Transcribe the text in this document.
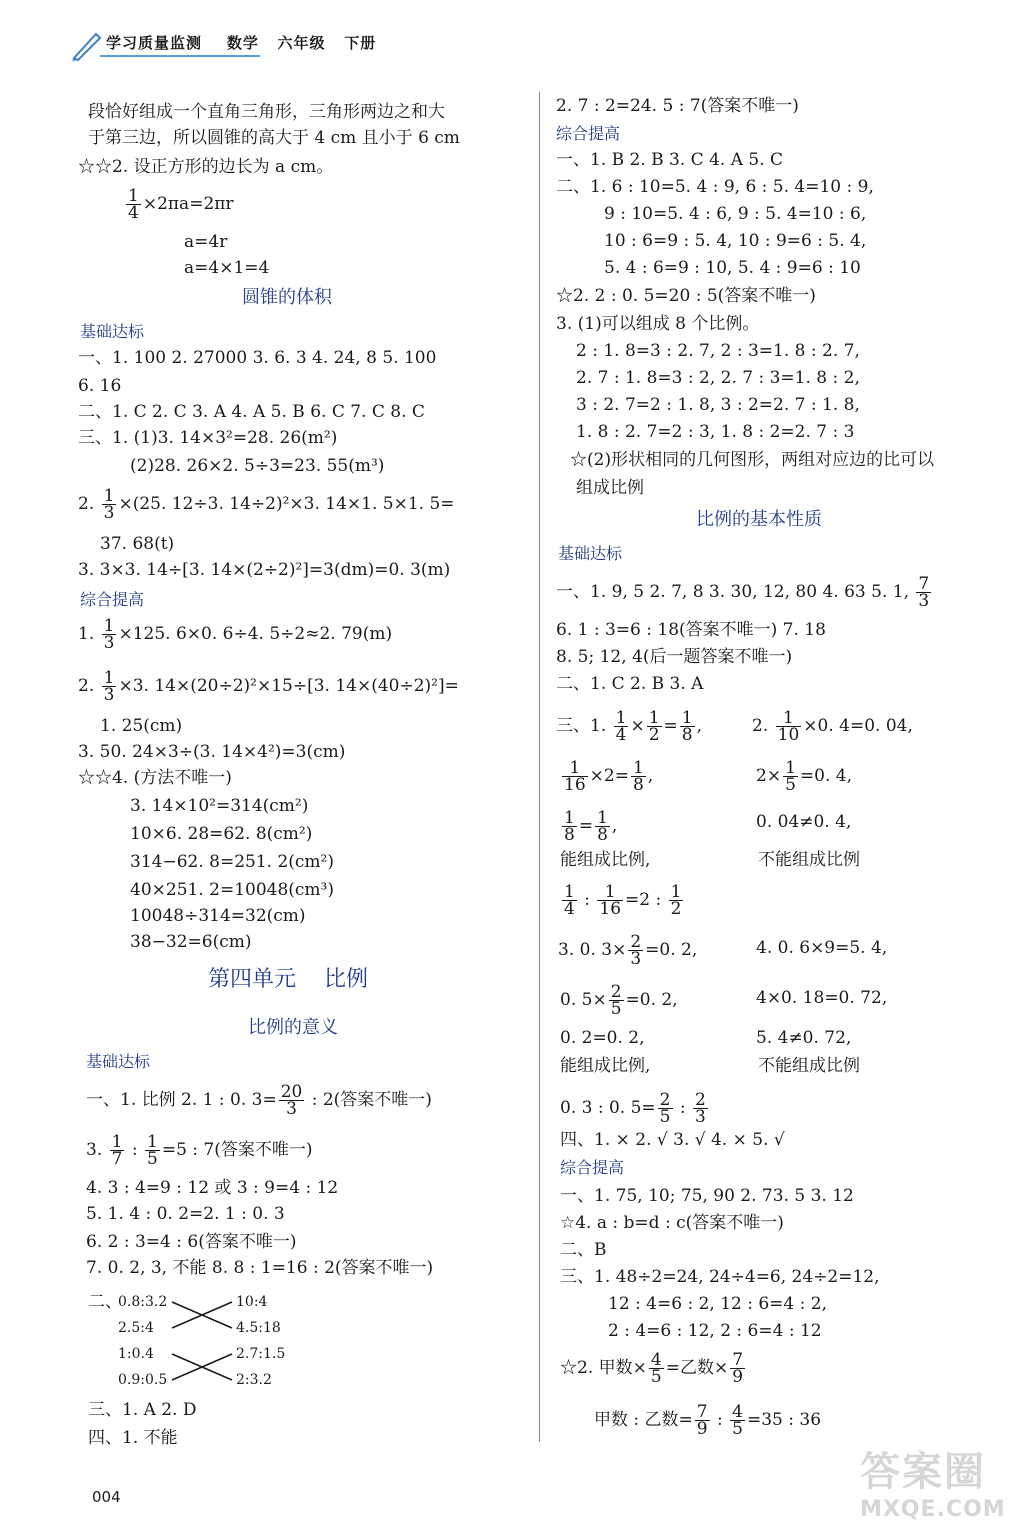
学习质量监测    数学   六年级   下册
段恰好组成一个直角三角形，三角形两边之和大
于第三边，所以圆锥的高大于 4 cm 且小于 6 cm
☆☆2. 设正方形的边长为 a cm。
$\frac{1}{4} \times 2\pi a=2\pi r$
a=4r
a=4×1=4
圆锥的体积
基础达标
一、1. 100 2. 27000 3. 6. 3 4. 24, 8 5. 100
6. 16
二、1. C 2. C 3. A 4. A 5. B 6. C 7. C 8. C
三、1. (1)3. 14×3²=28. 26(m²)
(2)28. 26×2. 5÷3=23. 55(m³)
2. $\frac{1}{3} \times(25$. 12÷3. 14÷2)²×3. 14×1. 5×1. 5=
37. 68(t)
3. 3×3. 14÷[3. 14×(2÷2)²]=3(dm)=0. 3(m)
综合提高
1. $\frac{1}{3} \times 125$. 6×0. 6÷4. 5÷2≈2. 79(m)
2. $\frac{1}{3} \times 3$. 14×(20÷2)²×15÷[3. 14×(40÷2)²]=
1. 25(cm)
3. 50. 24×3÷(3. 14×4²)=3(cm)
☆☆4. (方法不唯一)
3. 14×10²=314(cm²)
10×6. 28=62. 8(cm²)
314−62. 8=251. 2(cm²)
40×251. 2=10048(cm³)
10048÷314=32(cm)
38−32=6(cm)
第四单元    比例
比例的意义
基础达标
一、1. 比例 2. 1 : 0. $3= \frac{20}{3}$ : 2(答案不唯一)
3. $\frac{1}{7}$ : $\frac{1}{5} =5$ : 7(答案不唯一)
4. 3 : 4=9 : 12 或 3 : 9=4 : 12
5. 1. 4 : 0. 2=2. 1 : 0. 3
6. 2 : 3=4 : 6(答案不唯一)
7. 0. 2, 3, 不能 8. 8 : 1=16 : 2(答案不唯一)
二、
0.8:3.2
2.5:4
1:0.4
0.9:0.5
10:4
4.5:18
2.7:1.5
2:3.2
三、1. A 2. D
四、1. 不能
2. 7 : 2=24. 5 : 7(答案不唯一)
综合提高
一、1. B 2. B 3. C 4. A 5. C
二、1. 6 : 10=5. 4 : 9, 6 : 5. 4=10 : 9,
9 : 10=5. 4 : 6, 9 : 5. 4=10 : 6,
10 : 6=9 : 5. 4, 10 : 9=6 : 5. 4,
5. 4 : 6=9 : 10, 5. 4 : 9=6 : 10
☆2. 2 : 0. 5=20 : 5(答案不唯一)
3. (1)可以组成 8 个比例。
2 : 1. 8=3 : 2. 7, 2 : 3=1. 8 : 2. 7,
2. 7 : 1. 8=3 : 2, 2. 7 : 3=1. 8 : 2,
3 : 2. 7=2 : 1. 8, 3 : 2=2. 7 : 1. 8,
1. 8 : 2. 7=2 : 3, 1. 8 : 2=2. 7 : 3
☆(2)形状相同的几何图形，两组对应边的比可以
组成比例
比例的基本性质
基础达标
一、1. 9, 5 2. 7, 8 3. 30, 12, 80 4. 63 5. 1, $\frac{7}{3}$
6. 1 : 3=6 : 18(答案不唯一) 7. 18
8. 5; 12, 4(后一题答案不唯一)
二、1. C 2. B 3. A
三、1. $\frac{1}{4} \times \frac{1}{2} = \frac{1}{8}$ ,	2. $\frac{1}{10} \times 0$. 4=0. 04,
$\frac{1}{16} \times 2= \frac{1}{8}$ ,	$2\times \frac{1}{5} =0$. 4,
$\frac{1}{8} = \frac{1}{8}$ ,	0. 04≠0. 4,
能组成比例,	不能组成比例
$\frac{1}{4}$ : $\frac{1}{16} =2$ : $\frac{1}{2}$
3. 0. $3\times \frac{2}{3} =0$. 2,	4. 0. 6×9=5. 4,
0. $5\times \frac{2}{5} =0$. 2,	4×0. 18=0. 72,
0. 2=0. 2,	5. 4≠0. 72,
能组成比例,	不能组成比例
0. 3 : 0. $5= \frac{2}{5}$ : $\frac{2}{3}$
四、1. × 2. √ 3. √ 4. × 5. √
综合提高
一、1. 75, 10; 75, 90 2. 73. 5 3. 12
☆4. a : b=d : c(答案不唯一)
二、B
三、1. 48÷2=24, 24÷4=6, 24÷2=12,
12 : 4=6 : 2, 12 : 6=4 : 2,
2 : 4=6 : 12, 2 : 6=4 : 12
☆2. 甲数× $\frac{4}{5}$ =乙数× $\frac{7}{9}$
甲数 : 乙数= $\frac{7}{9}$ : $\frac{4}{5} =35$ : 36
004
答案圈
MXQE.COM
